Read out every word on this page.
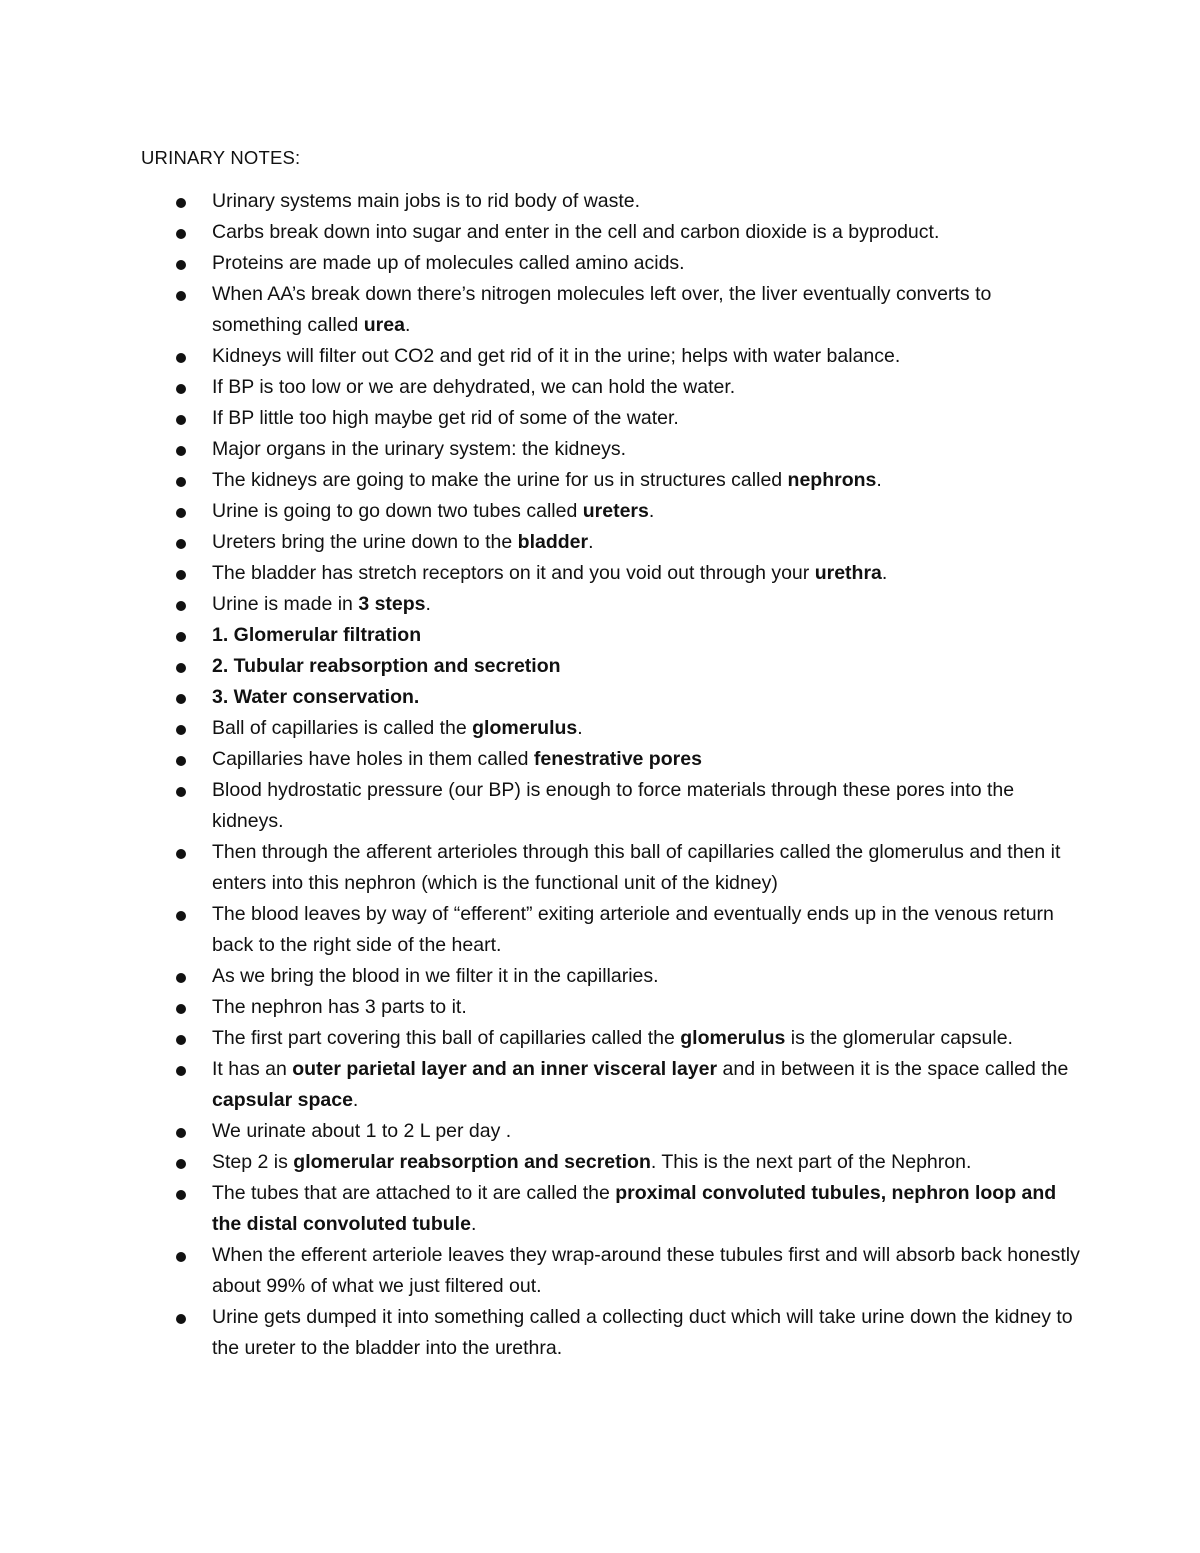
URINARY NOTES:
Urinary systems main jobs is to rid body of waste.
Carbs break down into sugar and enter in the cell and carbon dioxide is a byproduct.
Proteins are made up of molecules called amino acids.
When AA’s break down there’s nitrogen molecules left over, the liver eventually converts to something called urea.
Kidneys will filter out CO2 and get rid of it in the urine; helps with water balance.
If BP is too low or we are dehydrated, we can hold the water.
If BP little too high maybe get rid of some of the water.
Major organs in the urinary system: the kidneys.
The kidneys are going to make the urine for us in structures called nephrons.
Urine is going to go down two tubes called ureters.
Ureters bring the urine down to the bladder.
The bladder has stretch receptors on it and you void out through your urethra.
Urine is made in 3 steps.
1. Glomerular filtration
2. Tubular reabsorption and secretion
3. Water conservation.
Ball of capillaries is called the glomerulus.
Capillaries have holes in them called fenestrative pores
Blood hydrostatic pressure (our BP) is enough to force materials through these pores into the kidneys.
Then through the afferent arterioles through this ball of capillaries called the glomerulus and then it enters into this nephron (which is the functional unit of the kidney)
The blood leaves by way of “efferent” exiting arteriole and eventually ends up in the venous return back to the right side of the heart.
As we bring the blood in we filter it in the capillaries.
The nephron has 3 parts to it.
The first part covering this ball of capillaries called the glomerulus is the glomerular capsule.
It has an outer parietal layer and an inner visceral layer and in between it is the space called the capsular space.
We urinate about 1 to 2 L per day .
Step 2 is glomerular reabsorption and secretion. This is the next part of the Nephron.
The tubes that are attached to it are called the proximal convoluted tubules, nephron loop and the distal convoluted tubule.
When the efferent arteriole leaves they wrap-around these tubules first and will absorb back honestly about 99% of what we just filtered out.
Urine gets dumped it into something called a collecting duct which will take urine down the kidney to the ureter to the bladder into the urethra.
